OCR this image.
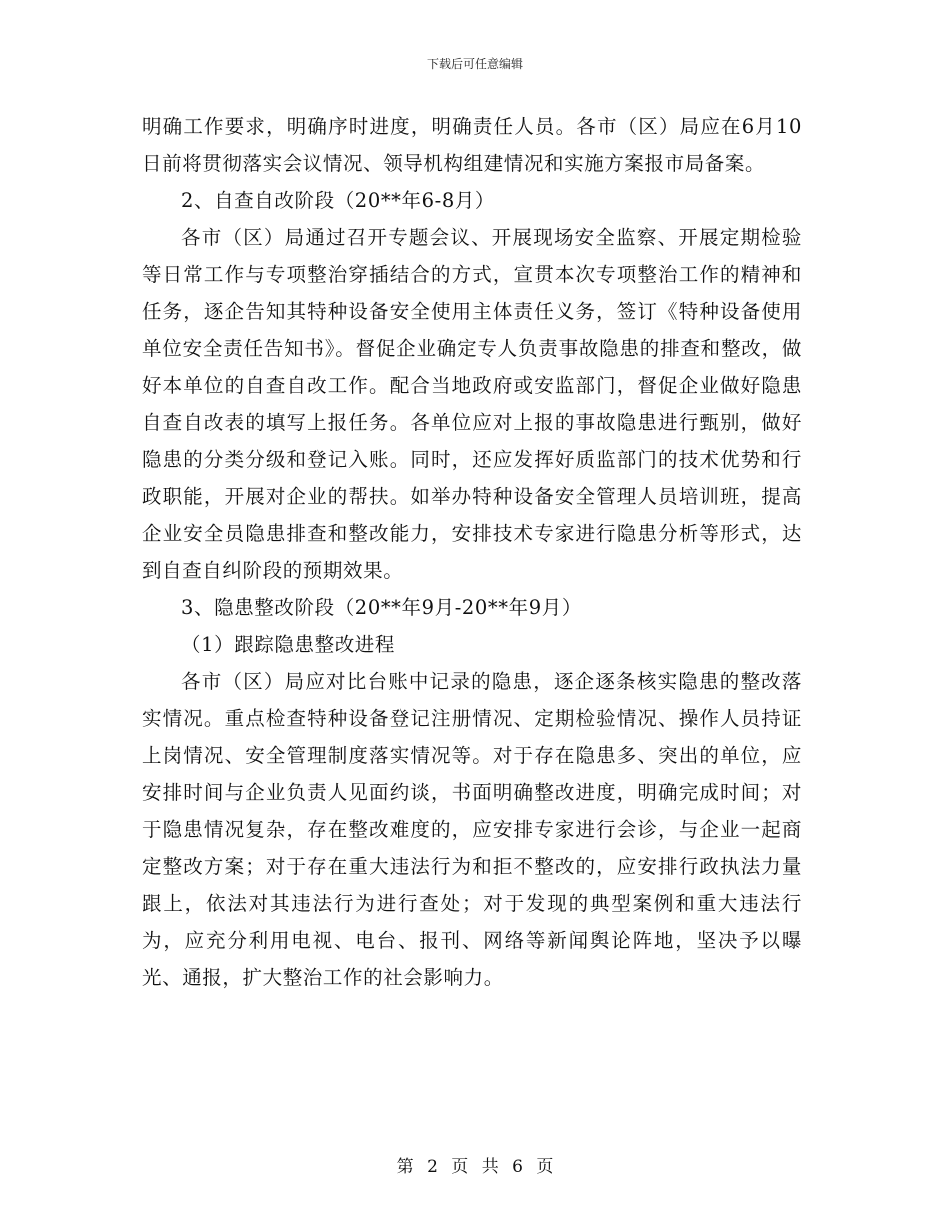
下载后可任意编辑

明确工作要求，明确序时进度，明确责任人员。各市（区）局应在6月10日前将贯彻落实会议情况、领导机构组建情况和实施方案报市局备案。

2、自查自改阶段（20**年6-8月）

各市（区）局通过召开专题会议、开展现场安全监察、开展定期检验等日常工作与专项整治穿插结合的方式，宣贯本次专项整治工作的精神和任务，逐企告知其特种设备安全使用主体责任义务，签订《特种设备使用单位安全责任告知书》。督促企业确定专人负责事故隐患的排查和整改，做好本单位的自查自改工作。配合当地政府或安监部门，督促企业做好隐患自查自改表的填写上报任务。各单位应对上报的事故隐患进行甄别，做好隐患的分类分级和登记入账。同时，还应发挥好质监部门的技术优势和行政职能，开展对企业的帮扶。如举办特种设备安全管理人员培训班，提高企业安全员隐患排查和整改能力，安排技术专家进行隐患分析等形式，达到自查自纠阶段的预期效果。

3、隐患整改阶段（20**年9月-20**年9月）

（1）跟踪隐患整改进程

各市（区）局应对比台账中记录的隐患，逐企逐条核实隐患的整改落实情况。重点检查特种设备登记注册情况、定期检验情况、操作人员持证上岗情况、安全管理制度落实情况等。对于存在隐患多、突出的单位，应安排时间与企业负责人见面约谈，书面明确整改进度，明确完成时间；对于隐患情况复杂，存在整改难度的，应安排专家进行会诊，与企业一起商定整改方案；对于存在重大违法行为和拒不整改的，应安排行政执法力量跟上，依法对其违法行为进行查处；对于发现的典型案例和重大违法行为，应充分利用电视、电台、报刊、网络等新闻舆论阵地，坚决予以曝光、通报，扩大整治工作的社会影响力。

第 2 页 共 6 页
